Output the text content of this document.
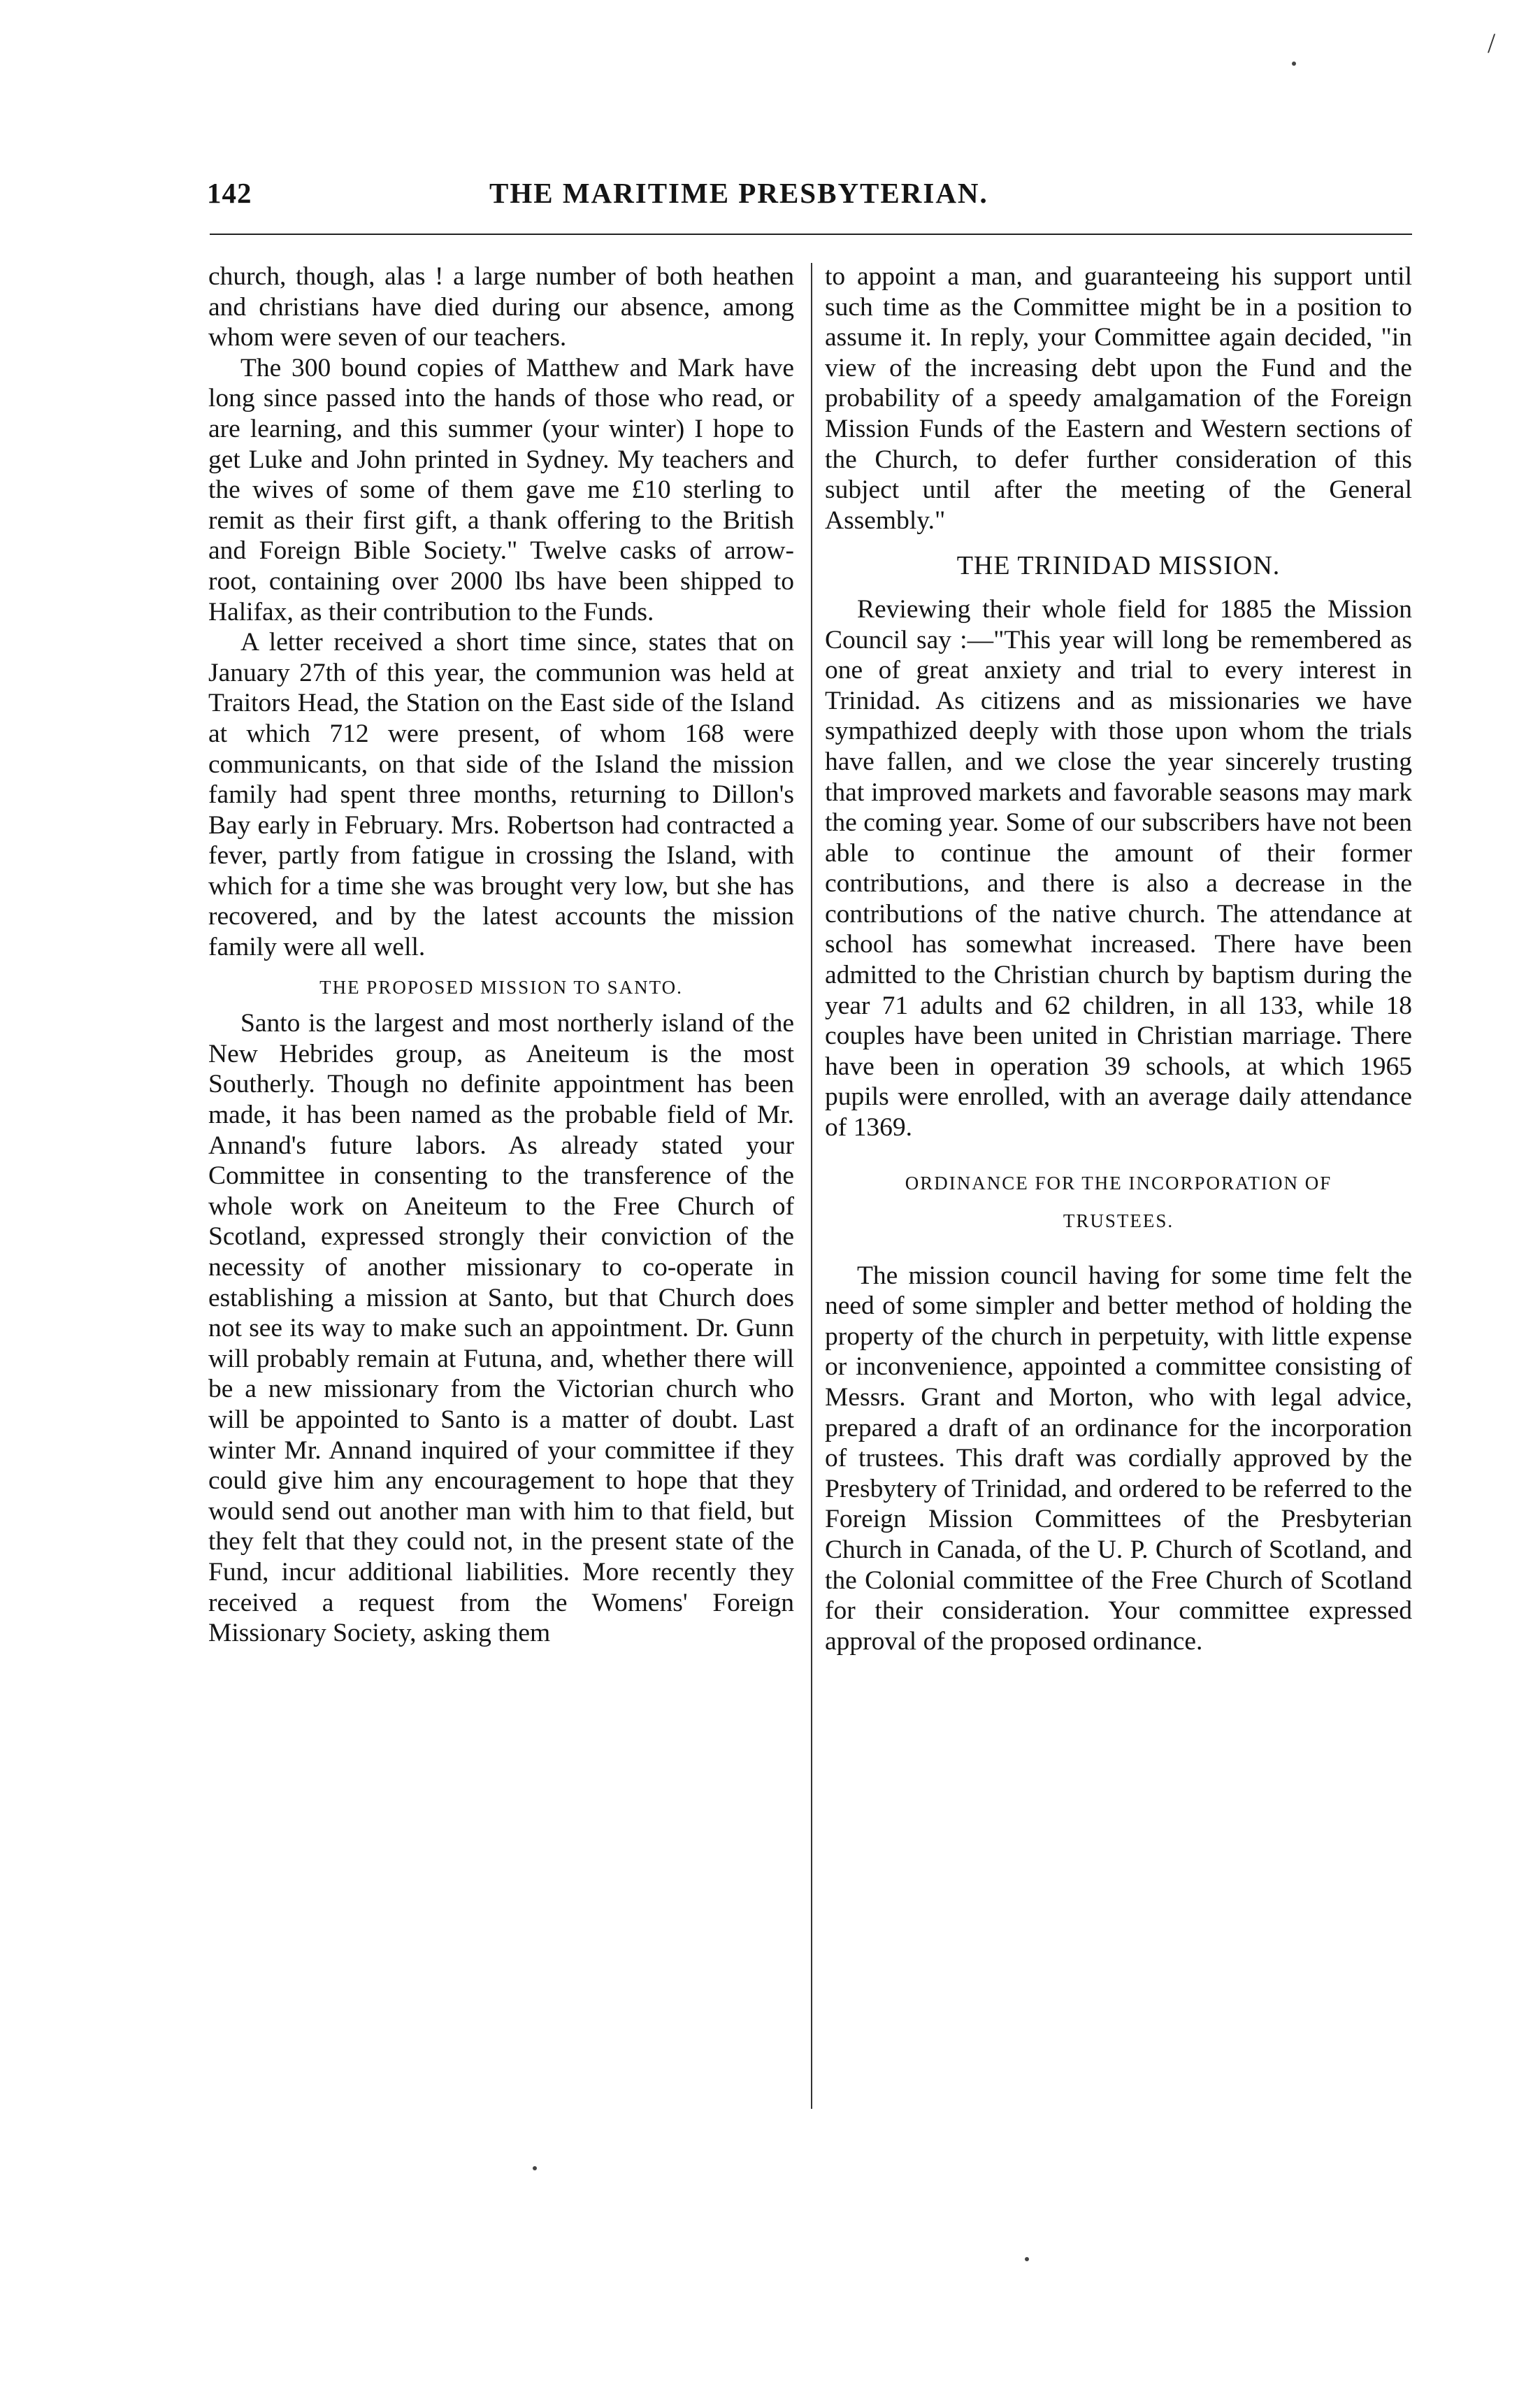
142	THE MARITIME PRESBYTERIAN.
/

church, though, alas ! a large number of both heathen and christians have died during our absence, among whom were seven of our teachers.

The 300 bound copies of Matthew and Mark have long since passed into the hands of those who read, or are learning, and this summer (your winter) I hope to get Luke and John printed in Sydney. My teachers and the wives of some of them gave me £10 sterling to remit as their first gift, a thank offering to the British and Foreign Bible Society." Twelve casks of arrow-root, containing over 2000 lbs have been shipped to Halifax, as their contribution to the Funds.

A letter received a short time since, states that on January 27th of this year, the communion was held at Traitors Head, the Station on the East side of the Island at which 712 were present, of whom 168 were communicants, on that side of the Island the mission family had spent three months, returning to Dillon's Bay early in February. Mrs. Robertson had contracted a fever, partly from fatigue in crossing the Island, with which for a time she was brought very low, but she has recovered, and by the latest accounts the mission family were all well.

THE PROPOSED MISSION TO SANTO.

Santo is the largest and most northerly island of the New Hebrides group, as Aneiteum is the most Southerly. Though no definite appointment has been made, it has been named as the probable field of Mr. Annand's future labors. As already stated your Committee in consenting to the transference of the whole work on Aneiteum to the Free Church of Scotland, expressed strongly their conviction of the necessity of another missionary to co-operate in establishing a mission at Santo, but that Church does not see its way to make such an appointment. Dr. Gunn will probably remain at Futuna, and, whether there will be a new missionary from the Victorian church who will be appointed to Santo is a matter of doubt. Last winter Mr. Annand inquired of your committee if they could give him any encouragement to hope that they would send out another man with him to that field, but they felt that they could not, in the present state of the Fund, incur additional liabilities. More recently they received a request from the Womens' Foreign Missionary Society, asking them

to appoint a man, and guaranteeing his support until such time as the Committee might be in a position to assume it. In reply, your Committee again decided, "in view of the increasing debt upon the Fund and the probability of a speedy amalgamation of the Foreign Mission Funds of the Eastern and Western sections of the Church, to defer further consideration of this subject until after the meeting of the General Assembly."

THE TRINIDAD MISSION.

Reviewing their whole field for 1885 the Mission Council say :—"This year will long be remembered as one of great anxiety and trial to every interest in Trinidad. As citizens and as missionaries we have sympathized deeply with those upon whom the trials have fallen, and we close the year sincerely trusting that improved markets and favorable seasons may mark the coming year. Some of our subscribers have not been able to continue the amount of their former contributions, and there is also a decrease in the contributions of the native church. The attendance at school has somewhat increased. There have been admitted to the Christian church by baptism during the year 71 adults and 62 children, in all 133, while 18 couples have been united in Christian marriage. There have been in operation 39 schools, at which 1965 pupils were enrolled, with an average daily attendance of 1369.

ORDINANCE FOR THE INCORPORATION OF
TRUSTEES.

The mission council having for some time felt the need of some simpler and better method of holding the property of the church in perpetuity, with little expense or inconvenience, appointed a committee consisting of Messrs. Grant and Morton, who with legal advice, prepared a draft of an ordinance for the incorporation of trustees. This draft was cordially approved by the Presbytery of Trinidad, and ordered to be referred to the Foreign Mission Committees of the Presbyterian Church in Canada, of the U. P. Church of Scotland, and the Colonial committee of the Free Church of Scotland for their consideration. Your committee expressed approval of the proposed ordinance.
